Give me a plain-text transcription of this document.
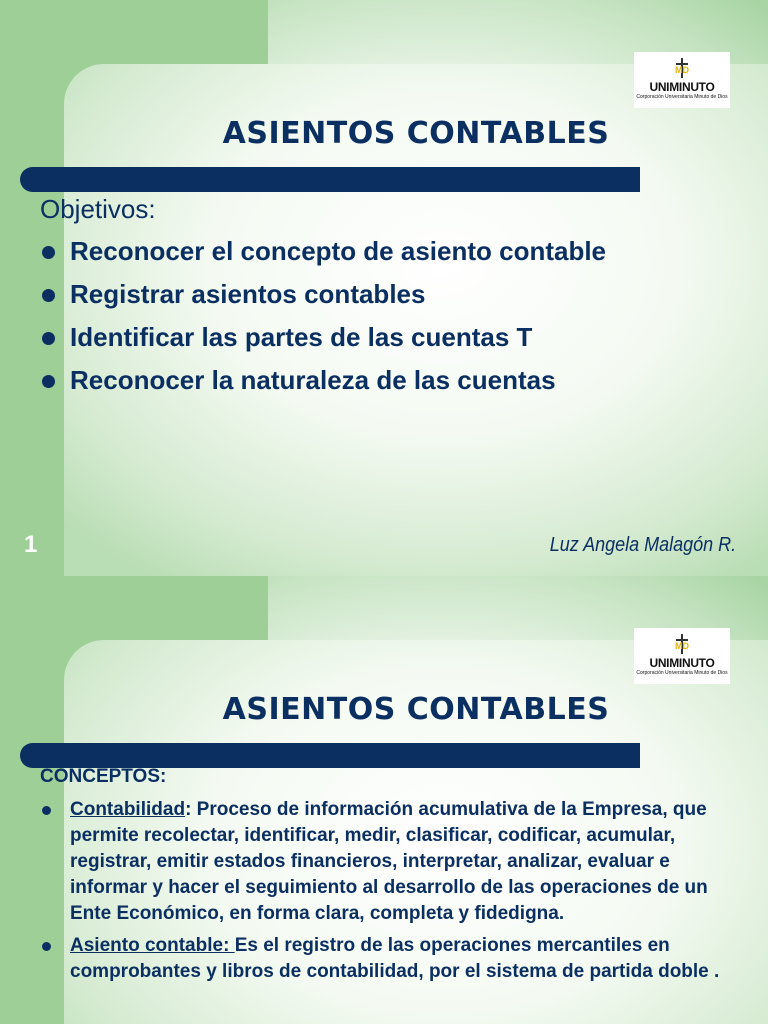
MD
UNIMINUTO
Corporación Universitaria Minuto de Dios
ASIENTOS CONTABLES
Objetivos:
Reconocer el concepto de asiento contable
Registrar asientos contables
Identificar las partes de las cuentas T
Reconocer la naturaleza de las cuentas
1	Luz Angela Malagón R.
MD
UNIMINUTO
Corporación Universitaria Minuto de Dios
ASIENTOS CONTABLES
CONCEPTOS:
Contabilidad: Proceso de información acumulativa de la Empresa, que permite recolectar, identificar, medir, clasificar, codificar, acumular, registrar, emitir estados financieros, interpretar, analizar, evaluar e informar y hacer el seguimiento al desarrollo de las operaciones de un Ente Económico, en forma clara, completa y fidedigna.
Asiento contable: Es el registro de las operaciones mercantiles en comprobantes y libros de contabilidad, por el sistema de partida doble .
